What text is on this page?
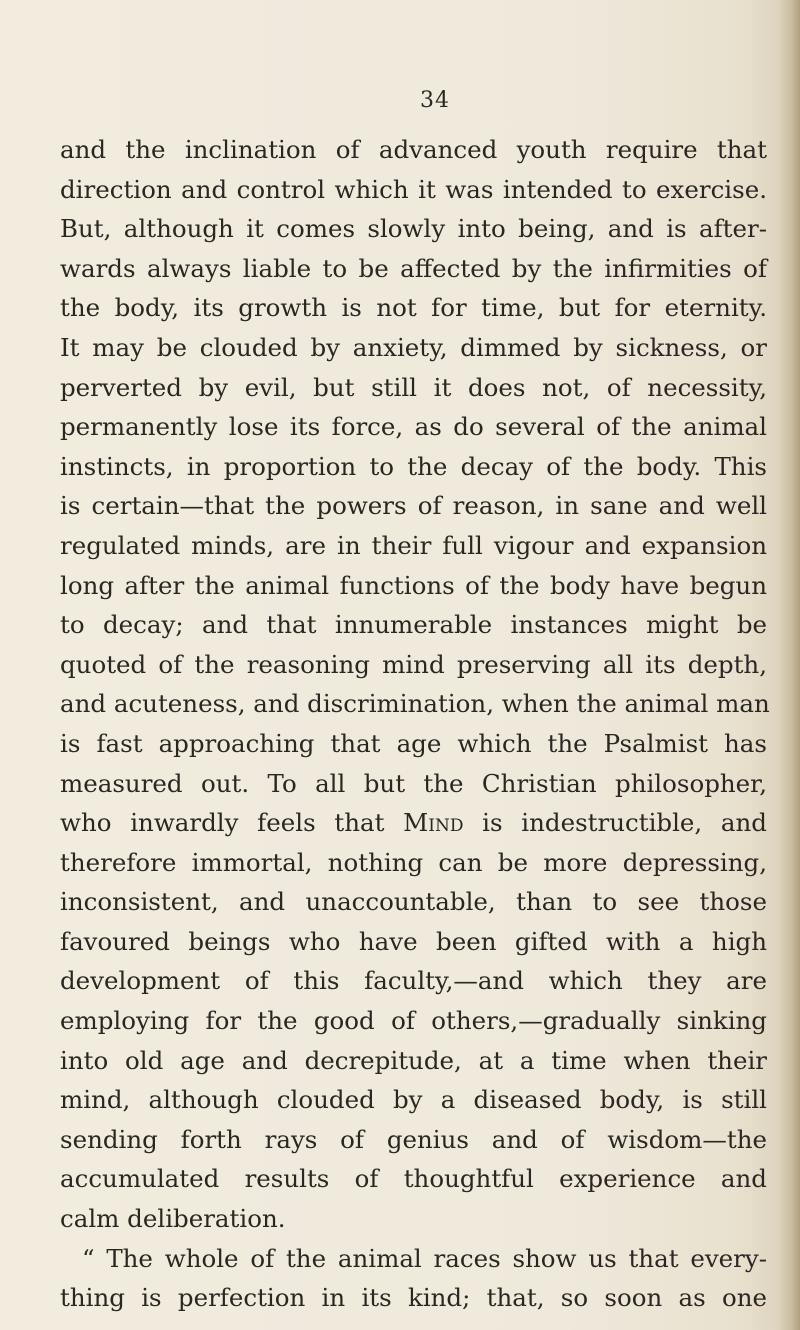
34
and the inclination of advanced youth require that
direction and control which it was intended to exercise.
But, although it comes slowly into being, and is after-
wards always liable to be affected by the infirmities of
the body, its growth is not for time, but for eternity.
It may be clouded by anxiety, dimmed by sickness, or
perverted by evil, but still it does not, of necessity,
permanently lose its force, as do several of the animal
instincts, in proportion to the decay of the body. This
is certain—that the powers of reason, in sane and well
regulated minds, are in their full vigour and expansion
long after the animal functions of the body have begun
to decay; and that innumerable instances might be
quoted of the reasoning mind preserving all its depth,
and acuteness, and discrimination, when the animal man
is fast approaching that age which the Psalmist has
measured out. To all but the Christian philosopher,
who inwardly feels that Mind is indestructible, and
therefore immortal, nothing can be more depressing,
inconsistent, and unaccountable, than to see those
favoured beings who have been gifted with a high
development of this faculty,—and which they are
employing for the good of others,—gradually sinking
into old age and decrepitude, at a time when their
mind, although clouded by a diseased body, is still
sending forth rays of genius and of wisdom—the
accumulated results of thoughtful experience and
calm deliberation.
“ The whole of the animal races show us that every-
thing is perfection in its kind; that, so soon as one
